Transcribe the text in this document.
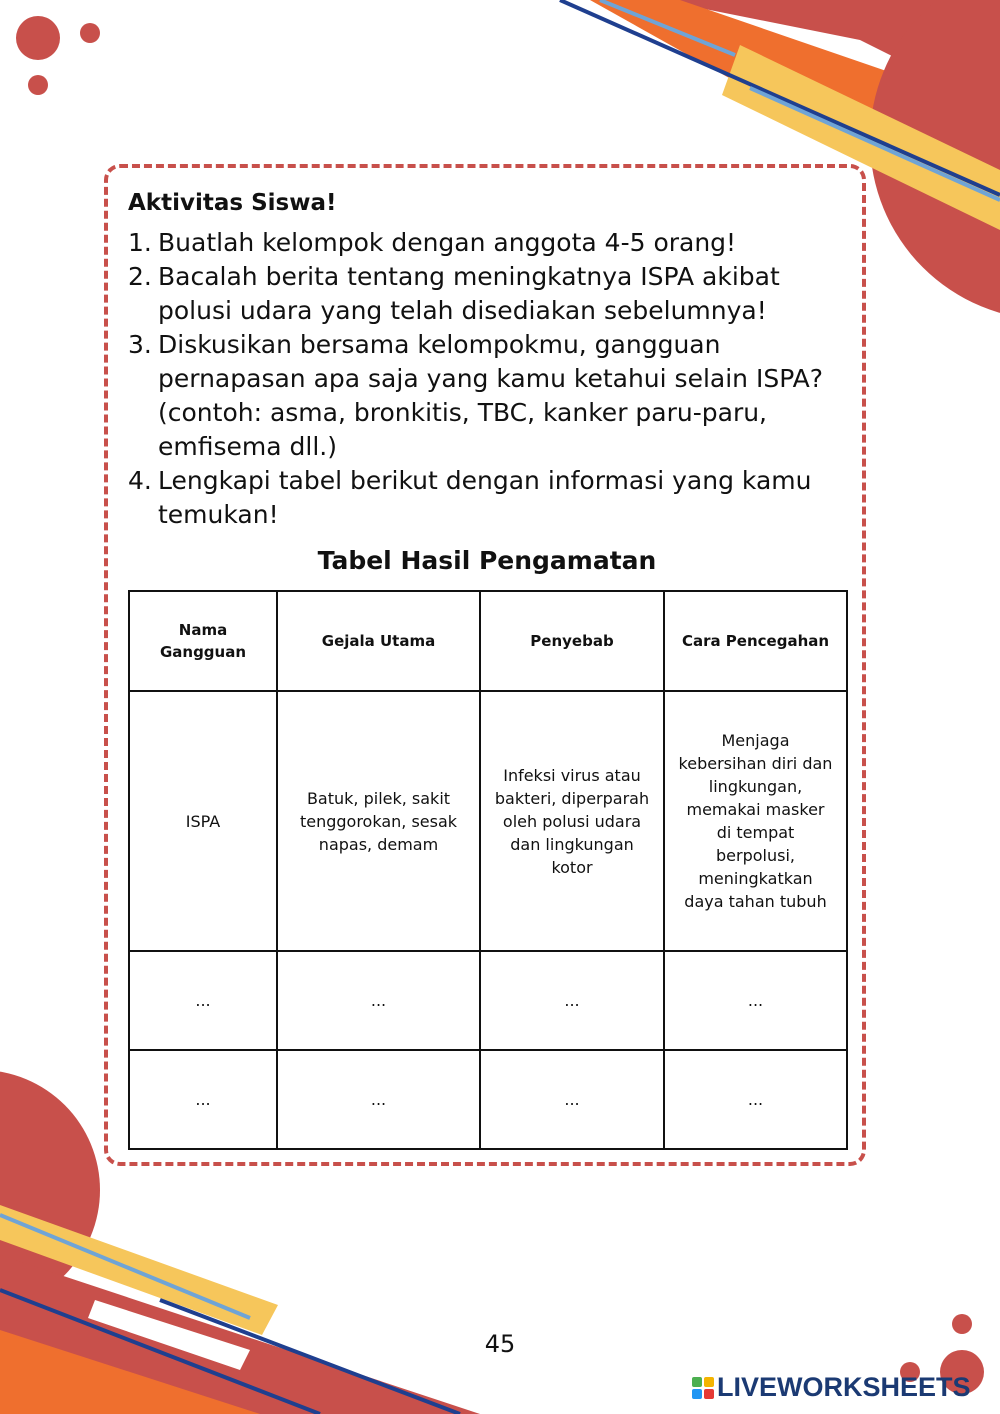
Aktivitas Siswa!
1. Buatlah kelompok dengan anggota 4-5 orang!
2. Bacalah berita tentang meningkatnya ISPA akibat polusi udara yang telah disediakan sebelumnya!
3. Diskusikan bersama kelompokmu, gangguan pernapasan apa saja yang kamu ketahui selain ISPA? (contoh: asma, bronkitis, TBC, kanker paru-paru, emfisema dll.)
4. Lengkapi tabel berikut dengan informasi yang kamu temukan!
Tabel Hasil Pengamatan
Nama Gangguan	Gejala Utama	Penyebab	Cara Pencegahan
ISPA	Batuk, pilek, sakit tenggorokan, sesak napas, demam	Infeksi virus atau bakteri, diperparah oleh polusi udara dan lingkungan kotor	Menjaga kebersihan diri dan lingkungan, memakai masker di tempat berpolusi, meningkatkan daya tahan tubuh
...	...	...	...
...	...	...	...
45
LIVEWORKSHEETS
